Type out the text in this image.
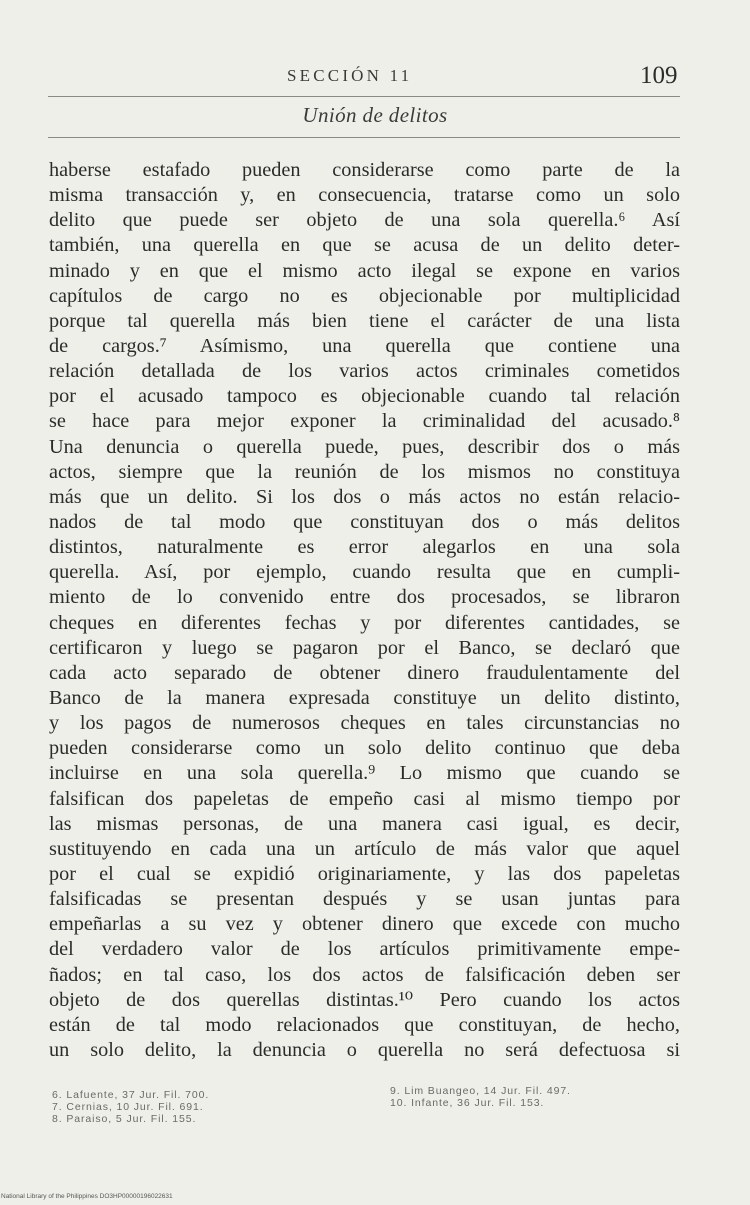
SECCIÓN 11	109
Unión de delitos
haberse estafado pueden considerarse como parte de la
misma transacción y, en consecuencia, tratarse como un solo
delito que puede ser objeto de una sola querella.⁶ Así
también, una querella en que se acusa de un delito deter-
minado y en que el mismo acto ilegal se expone en varios
capítulos de cargo no es objecionable por multiplicidad
porque tal querella más bien tiene el carácter de una lista
de cargos.⁷ Asímismo, una querella que contiene una
relación detallada de los varios actos criminales cometidos
por el acusado tampoco es objecionable cuando tal relación
se hace para mejor exponer la criminalidad del acusado.⁸
Una denuncia o querella puede, pues, describir dos o más
actos, siempre que la reunión de los mismos no constituya
más que un delito. Si los dos o más actos no están relacio-
nados de tal modo que constituyan dos o más delitos
distintos, naturalmente es error alegarlos en una sola
querella. Así, por ejemplo, cuando resulta que en cumpli-
miento de lo convenido entre dos procesados, se libraron
cheques en diferentes fechas y por diferentes cantidades, se
certificaron y luego se pagaron por el Banco, se declaró que
cada acto separado de obtener dinero fraudulentamente del
Banco de la manera expresada constituye un delito distinto,
y los pagos de numerosos cheques en tales circunstancias no
pueden considerarse como un solo delito continuo que deba
incluirse en una sola querella.⁹ Lo mismo que cuando se
falsifican dos papeletas de empeño casi al mismo tiempo por
las mismas personas, de una manera casi igual, es decir,
sustituyendo en cada una un artículo de más valor que aquel
por el cual se expidió originariamente, y las dos papeletas
falsificadas se presentan después y se usan juntas para
empeñarlas a su vez y obtener dinero que excede con mucho
del verdadero valor de los artículos primitivamente empe-
ñados; en tal caso, los dos actos de falsificación deben ser
objeto de dos querellas distintas.¹⁰ Pero cuando los actos
están de tal modo relacionados que constituyan, de hecho,
un solo delito, la denuncia o querella no será defectuosa si
6. Lafuente, 37 Jur. Fil. 700.
7. Cernias, 10 Jur. Fil. 691.
8. Paraiso, 5 Jur. Fil. 155.
9. Lim Buangeo, 14 Jur. Fil. 497.
10. Infante, 36 Jur. Fil. 153.
National Library of the Philippines DO3HP00000196022631
